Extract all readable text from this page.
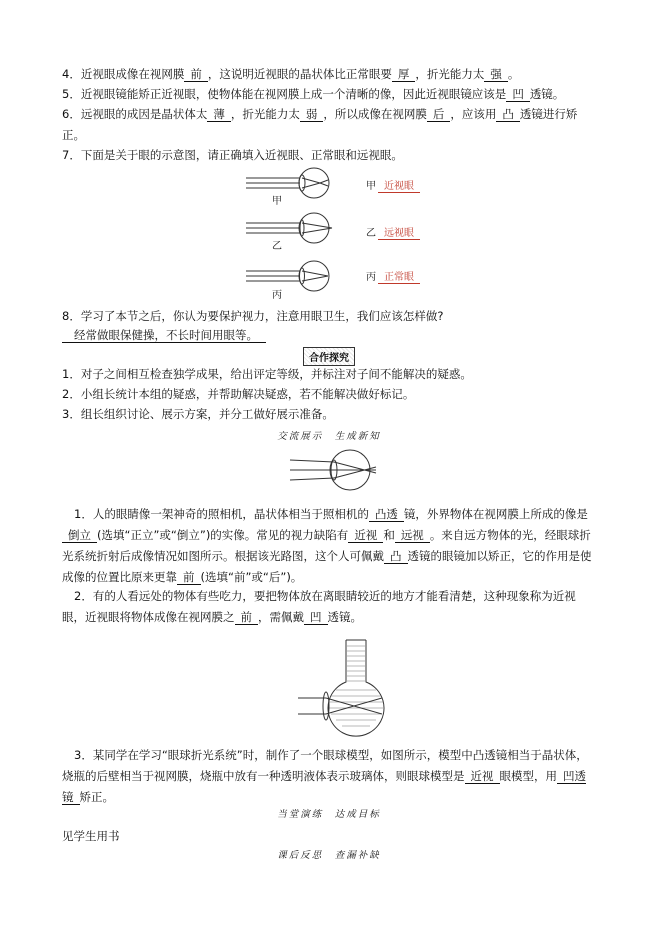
4．近视眼成像在视网膜 前 ，这说明近视眼的晶状体比正常眼要 厚 ，折光能力太 强 。
5．近视眼镜能矫正近视眼，使物体能在视网膜上成一个清晰的像，因此近视眼镜应该是 凹 透镜。
6．远视眼的成因是晶状体太 薄 ，折光能力太 弱 ，所以成像在视网膜 后 ，应该用 凸 透镜进行矫正。
7．下面是关于眼的示意图，请正确填入近视眼、正常眼和远视眼。
甲
乙
丙
甲 近视眼
乙 远视眼
丙 正常眼
8．学习了本节之后，你认为要保护视力，注意用眼卫生，我们应该怎样做?
经常做眼保健操，不长时间用眼等。
合作探究
1．对子之间相互检查独学成果，给出评定等级，并标注对子间不能解决的疑惑。
2．小组长统计本组的疑惑，并帮助解决疑惑，若不能解决做好标记。
3．组长组织讨论、展示方案，并分工做好展示准备。
交流展示　生成新知
1．人的眼睛像一架神奇的照相机，晶状体相当于照相机的 凸透 镜，外界物体在视网膜上所成的像是倒立 (选填“正立”或“倒立”)的实像。常见的视力缺陷有 近视 和 远视 。来自远方物体的光，经眼球折光系统折射后成像情况如图所示。根据该光路图，这个人可佩戴 凸 透镜的眼镜加以矫正，它的作用是使成像的位置比原来更靠 前 (选填“前”或“后”)。
2．有的人看远处的物体有些吃力，要把物体放在离眼睛较近的地方才能看清楚，这种现象称为近视眼，近视眼将物体成像在视网膜之 前 ，需佩戴 凹 透镜。
3．某同学在学习“眼球折光系统”时，制作了一个眼球模型，如图所示，模型中凸透镜相当于晶状体，烧瓶的后壁相当于视网膜，烧瓶中放有一种透明液体表示玻璃体，则眼球模型是 近视 眼模型，用 凹透镜 矫正。
当堂演练　达成目标
见学生用书
课后反思　查漏补缺
